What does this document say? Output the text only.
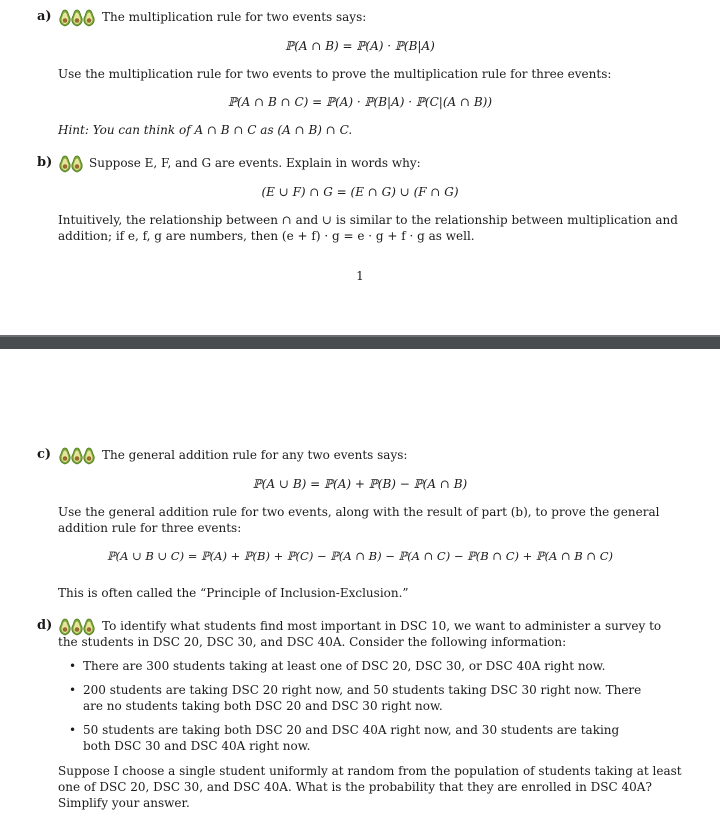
a)	The multiplication rule for two events says:
ℙ(A ∩ B) = ℙ(A) · ℙ(B|A)
Use the multiplication rule for two events to prove the multiplication rule for three events:
ℙ(A ∩ B ∩ C) = ℙ(A) · ℙ(B|A) · ℙ(C|(A ∩ B))
Hint: You can think of A ∩ B ∩ C as (A ∩ B) ∩ C.
b)	Suppose E, F, and G are events. Explain in words why:
(E ∪ F) ∩ G = (E ∩ G) ∪ (F ∩ G)
Intuitively, the relationship between ∩ and ∪ is similar to the relationship between multiplication and
addition; if e, f, g are numbers, then (e + f) · g = e · g + f · g as well.
1
c)	The general addition rule for any two events says:
ℙ(A ∪ B) = ℙ(A) + ℙ(B) − ℙ(A ∩ B)
Use the general addition rule for two events, along with the result of part (b), to prove the general
addition rule for three events:
ℙ(A ∪ B ∪ C) = ℙ(A) + ℙ(B) + ℙ(C) − ℙ(A ∩ B) − ℙ(A ∩ C) − ℙ(B ∩ C) + ℙ(A ∩ B ∩ C)
This is often called the “Principle of Inclusion-Exclusion.”
d)	To identify what students find most important in DSC 10, we want to administer a survey to
the students in DSC 20, DSC 30, and DSC 40A. Consider the following information:
• There are 300 students taking at least one of DSC 20, DSC 30, or DSC 40A right now.
• 200 students are taking DSC 20 right now, and 50 students taking DSC 30 right now. There are no students taking both DSC 20 and DSC 30 right now.
• 50 students are taking both DSC 20 and DSC 40A right now, and 30 students are taking both DSC 30 and DSC 40A right now.
Suppose I choose a single student uniformly at random from the population of students taking at least
one of DSC 20, DSC 30, and DSC 40A. What is the probability that they are enrolled in DSC 40A?
Simplify your answer.
